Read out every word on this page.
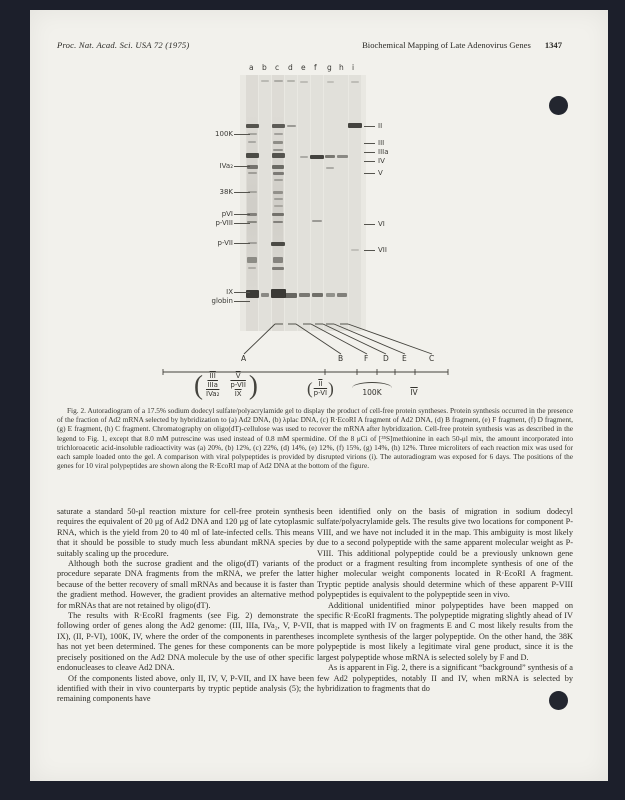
Proc. Nat. Acad. Sci. USA 72 (1975)	Biochemical Mapping of Late Adenovirus Genes 1347
a b c d e f g h i
100K
IVa₂
38K
pVI
p-VIII
p-VII
IX
globin
II
III
IIIa
IV
V
VI
VII
A	B	F D E	C
( $\overline{III}$
IIIa
IVa₂
$\overline{V}$
p-VII
$\overline{IX}$ )	( $\overline{II}$
p-VI )	100K	$\overline{IV}$
Fig. 2. Autoradiogram of a 17.5% sodium dodecyl sulfate/polyacrylamide gel to display the product of cell-free protein syntheses. Protein synthesis occurred in the presence of the fraction of Ad2 mRNA selected by hybridization to (a) Ad2 DNA, (b) λplac DNA, (c) R·EcoRI A fragment of Ad2 DNA, (d) B fragment, (e) F fragment, (f) D fragment, (g) E fragment, (h) C fragment. Chromatography on oligo(dT)-cellulose was used to recover the mRNA after hybridization. Cell-free protein synthesis was as described in the legend to Fig. 1, except that 8.0 mM putrescine was used instead of 0.8 mM spermidine. Of the 8 μCi of [³⁵S]methionine in each 50-μl mix, the amount incorporated into trichloroacetic acid-insoluble radioactivity was (a) 20%, (b) 12%, (c) 22%, (d) 14%, (e) 12%, (f) 15%, (g) 14%, (h) 12%. Three microliters of each reaction mix was used for each sample loaded onto the gel. A comparison with viral polypeptides is provided by disrupted virions (i). The autoradiogram was exposed for 6 days. The positions of the genes for 10 viral polypeptides are shown along the R·EcoRI map of Ad2 DNA at the bottom of the figure.

saturate a standard 50-μl reaction mixture for cell-free protein synthesis requires the equivalent of 20 μg of Ad2 DNA and 120 μg of late cytoplasmic RNA, which is the yield from 20 to 40 ml of late-infected cells. This means that it should be possible to study much less abundant mRNA species by suitably scaling up the procedure.

Although both the sucrose gradient and the oligo(dT) variants of the procedure separate DNA fragments from the mRNA, we prefer the latter because of the better recovery of small mRNAs and because it is faster than the gradient method. However, the gradient provides an alternative method for mRNAs that are not retained by oligo(dT).

The results with R·EcoRI fragments (see Fig. 2) demonstrate the following order of genes along the Ad2 genome: (III, IIIa, IVa₂, V, P-VII, IX), (II, P-VI), 100K, IV, where the order of the components in parentheses has not yet been determined. The genes for these components can be more precisely positioned on the Ad2 DNA molecule by the use of other specific endonucleases to cleave Ad2 DNA.

Of the components listed above, only II, IV, V, P-VII, and IX have been identified with their in vivo counterparts by tryptic peptide analysis (5); the remaining components have

been identified only on the basis of migration in sodium dodecyl sulfate/polyacrylamide gels. The results give two locations for component P-VIII, and we have not included it in the map. This ambiguity is most likely due to a second polypeptide with the same apparent molecular weight as P-VIII. This additional polypeptide could be a previously unknown gene product or a fragment resulting from incomplete synthesis of one of the higher molecular weight components located in R·EcoRI A fragment. Tryptic peptide analysis should determine which of these apparent P-VIII polypeptides is equivalent to the polypeptide seen in vivo.

Additional unidentified minor polypeptides have been mapped on specific R·EcoRI fragments. The polypeptide migrating slightly ahead of IV that is mapped with IV on fragments E and C most likely results from the incomplete synthesis of the larger polypeptide. On the other hand, the 38K polypeptide is most likely a legitimate viral gene product, since it is the largest polypeptide whose mRNA is selected solely by F and D.

As is apparent in Fig. 2, there is a significant “background” synthesis of a few Ad2 polypeptides, notably II and IV, when mRNA is selected by hybridization to fragments that do
